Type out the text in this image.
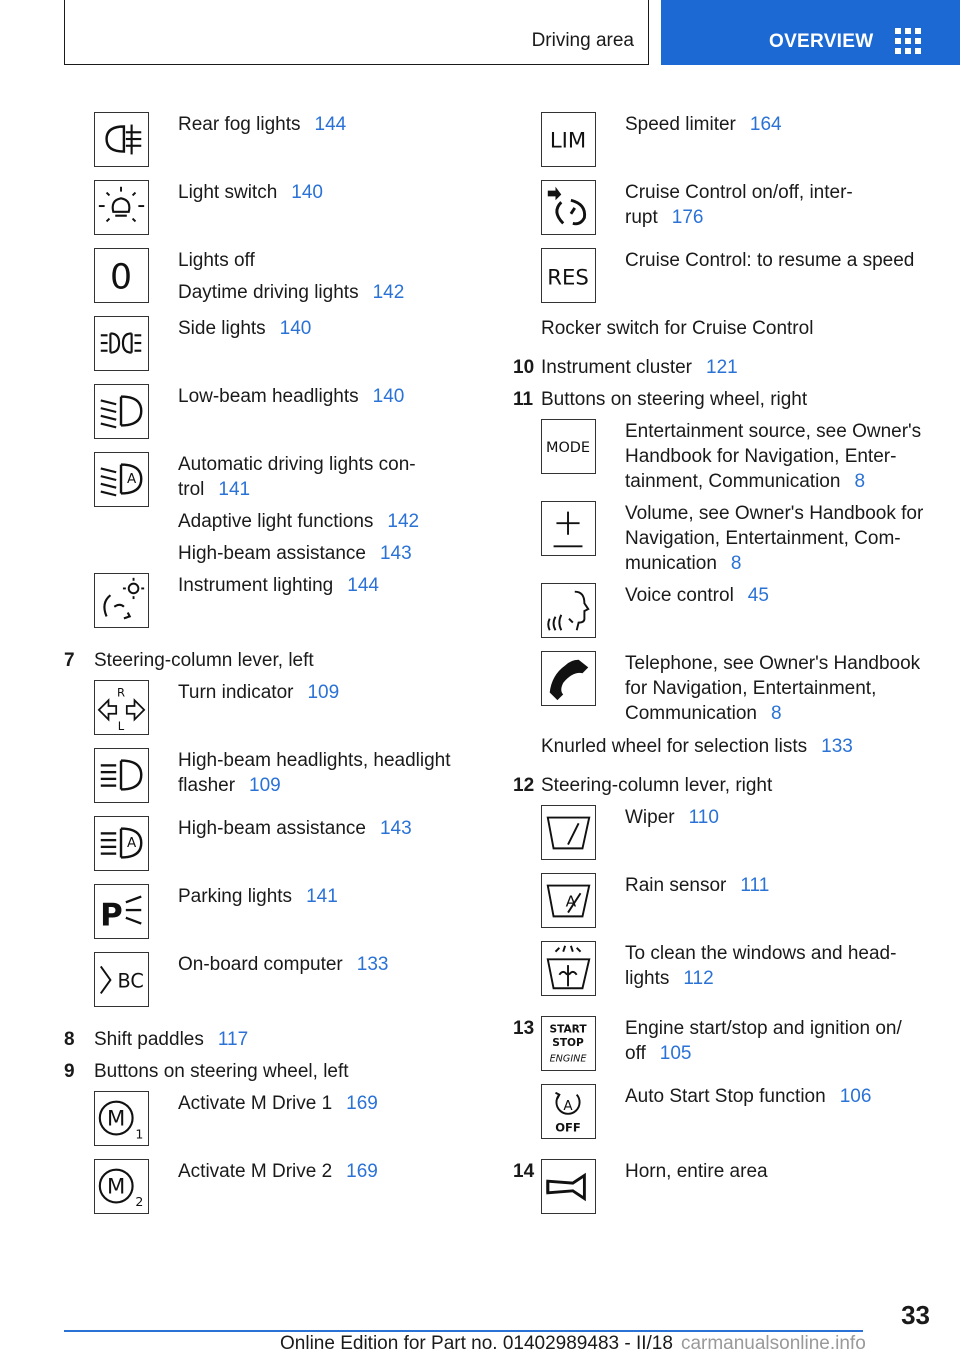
Driving area	OVERVIEW
Rear fog lights 144
Light switch 140
0 Lights off
Daytime driving lights 142
Side lights 140
Low-beam headlights 140
A
Automatic driving lights con-
trol 141
Adaptive light functions 142
High-beam assistance 143
Instrument lighting 144
7 Steering-column lever, left
R
L
Turn indicator 109
High-beam headlights, headlight
flasher 109
A
High-beam assistance 143
P
Parking lights 141
BC
On-board computer 133
8 Shift paddles 117
9 Buttons on steering wheel, left
M
1
Activate M Drive 1 169
M
2
Activate M Drive 2 169
LIM
Speed limiter 164
Cruise Control on/off, inter-
rupt 176
RES
Cruise Control: to resume a speed
Rocker switch for Cruise Control
10 Instrument cluster 121
11 Buttons on steering wheel, right
MODE
Entertainment source, see Owner's
Handbook for Navigation, Enter-
tainment, Communication 8
Volume, see Owner's Handbook for
Navigation, Entertainment, Com-
munication 8
Voice control 45
Telephone, see Owner's Handbook
for Navigation, Entertainment,
Communication 8
Knurled wheel for selection lists 133
12 Steering-column lever, right
Wiper 110
A
Rain sensor 111
To clean the windows and head-
lights 112
13 START
STOP
ENGINE
Engine start/stop and ignition on/
off 105
A
OFF
Auto Start Stop function 106
14	Horn, entire area
33
Online Edition for Part no. 01402989483 - II/18 carmanualsonline.info
